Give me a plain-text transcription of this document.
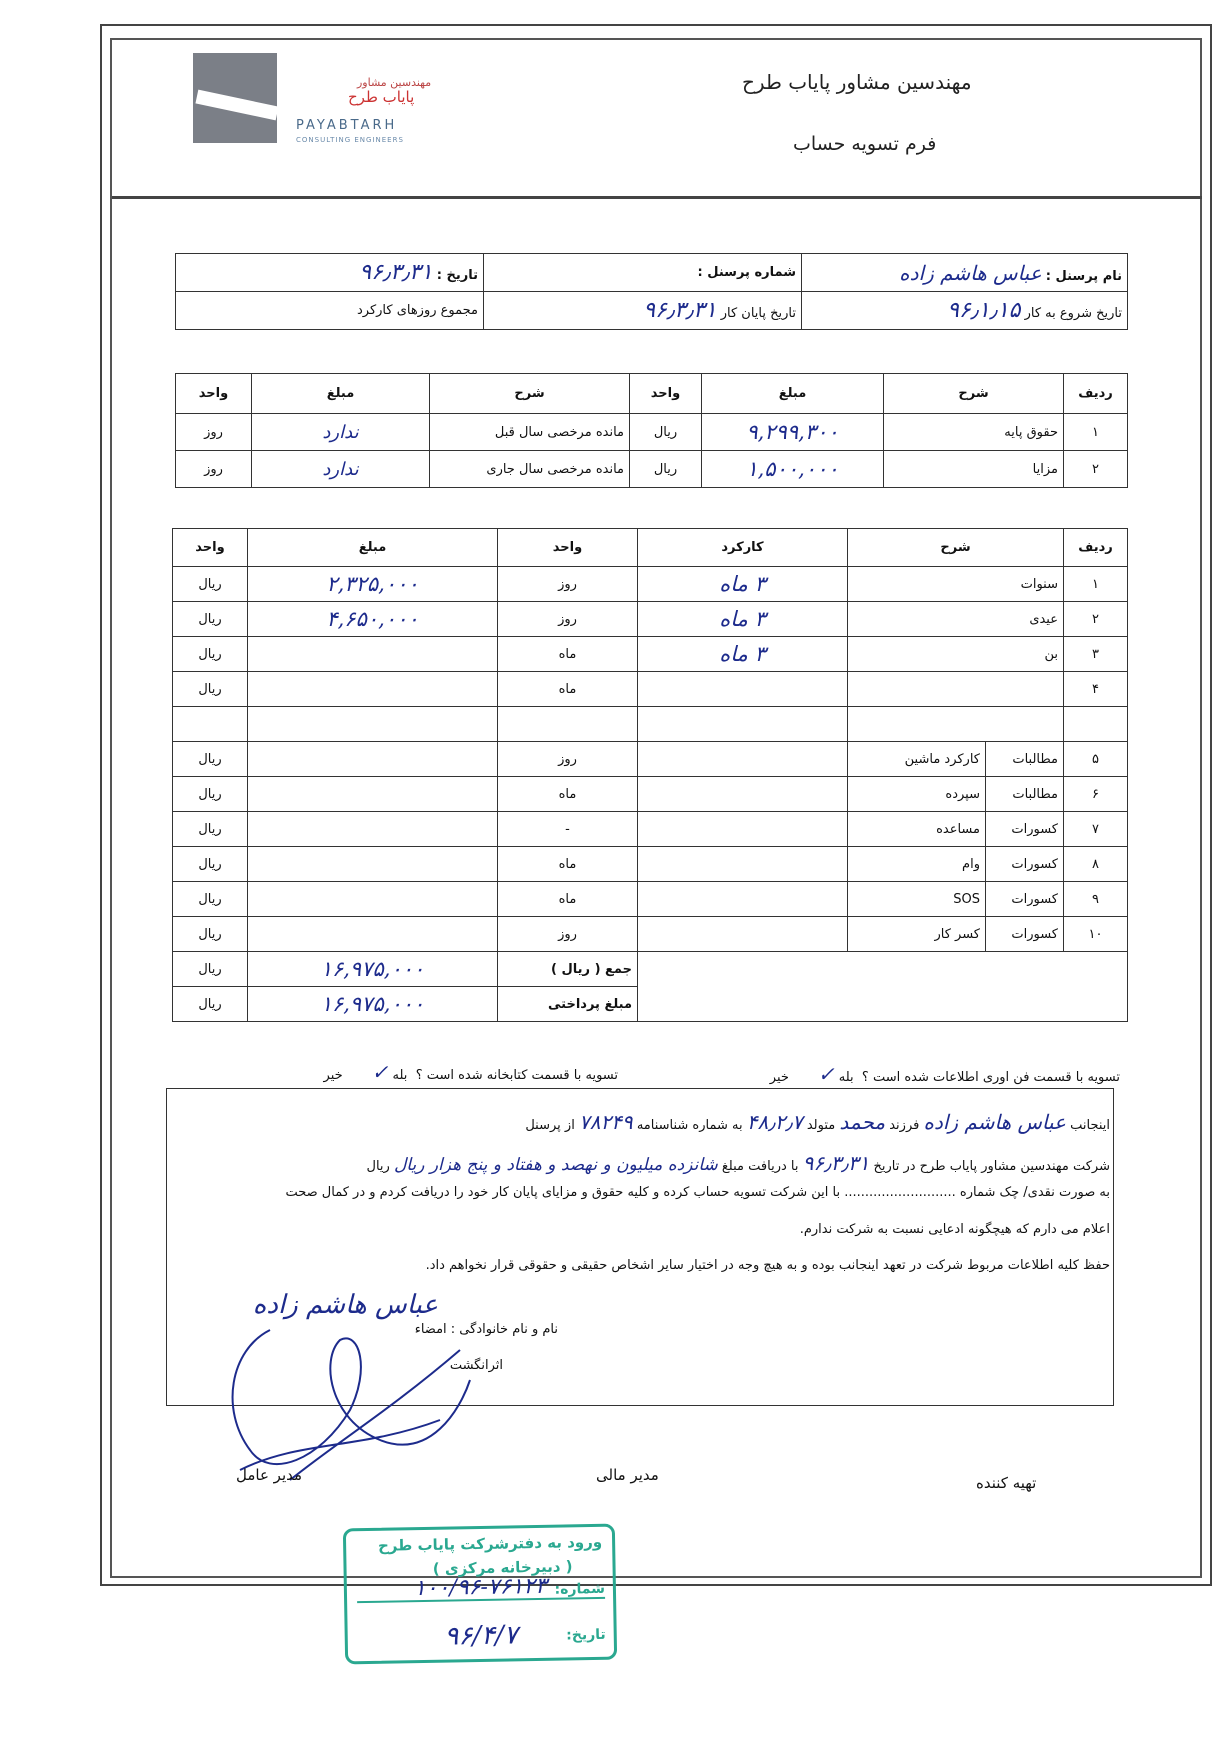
مهندسین مشاور
پایاب طرح
PAYABTARH
CONSULTING ENGINEERS
مهندسین مشاور پایاب طرح
فرم تسویه حساب
نام پرسنل : عباس هاشم زاده	شماره پرسنل :	تاریخ : ۹۶٫۳٫۳۱
تاریخ شروع به کار ۹۶٫۱٫۱۵	تاریخ پایان کار ۹۶٫۳٫۳۱	مجموع روزهای کارکرد
ردیف	شرح	مبلغ	واحد	شرح	مبلغ	واحد
۱	حقوق پایه	۹,۲۹۹,۳۰۰	ریال	مانده مرخصی سال قبل	ندارد	روز
۲	مزایا	۱,۵۰۰,۰۰۰	ریال	مانده مرخصی سال جاری	ندارد	روز
ردیف	شرح		کارکرد	واحد	مبلغ	واحد
۱	سنوات		۳ ماه	روز	۲,۳۲۵,۰۰۰	ریال
۲	عیدی		۳ ماه	روز	۴,۶۵۰,۰۰۰	ریال
۳	بن		۳ ماه	ماه		ریال
۴				ماه		ریال

۵	مطالبات	کارکرد ماشین		روز		ریال
۶	مطالبات	سپرده		ماه		ریال
۷	کسورات	مساعده		-		ریال
۸	کسورات	وام		ماه		ریال
۹	کسورات	SOS		ماه		ریال
۱۰	کسورات	کسر کار		روز		ریال
				جمع ( ریال )	۱۶,۹۷۵,۰۰۰	ریال
				مبلغ پرداختی	۱۶,۹۷۵,۰۰۰	ریال
تسویه با قسمت فن اوری اطلاعات شده است ؟  بله ✓       خیر
تسویه با قسمت کتابخانه شده است ؟  بله ✓       خیر
اینجانب عباس هاشم زاده فرزند محمد متولد ۴۸٫۲٫۷ به شماره شناسنامه ۷۸۲۴۹ از پرسنل
شرکت مهندسین مشاور پایاب طرح در تاریخ ۹۶٫۳٫۳۱ با دریافت مبلغ شانزده میلیون و نهصد و هفتاد و پنج هزار ریال ریال
به صورت نقدی/ چک شماره ........................... با این شرکت تسویه حساب کرده و کلیه حقوق و مزایای پایان کار خود را دریافت کردم و در کمال صحت
اعلام می دارم که هیچگونه ادعایی نسبت به شرکت ندارم.
حفظ کلیه اطلاعات مربوط شرکت در تعهد اینجانب بوده و به هیچ وجه در اختیار سایر اشخاص حقیقی و حقوقی قرار نخواهم داد.
نام و نام خانوادگی : امضاء
عباس هاشم زاده
اثرانگشت
تهیه کننده
مدیر مالی
مدیر عامل
ورود به دفترشرکت پایاب طرح
( دبیرخانه مرکزی )
شماره:
۱۰۰/۹۶-۷۶۱۲۳
تاریخ:
۹۶/۴/۷
